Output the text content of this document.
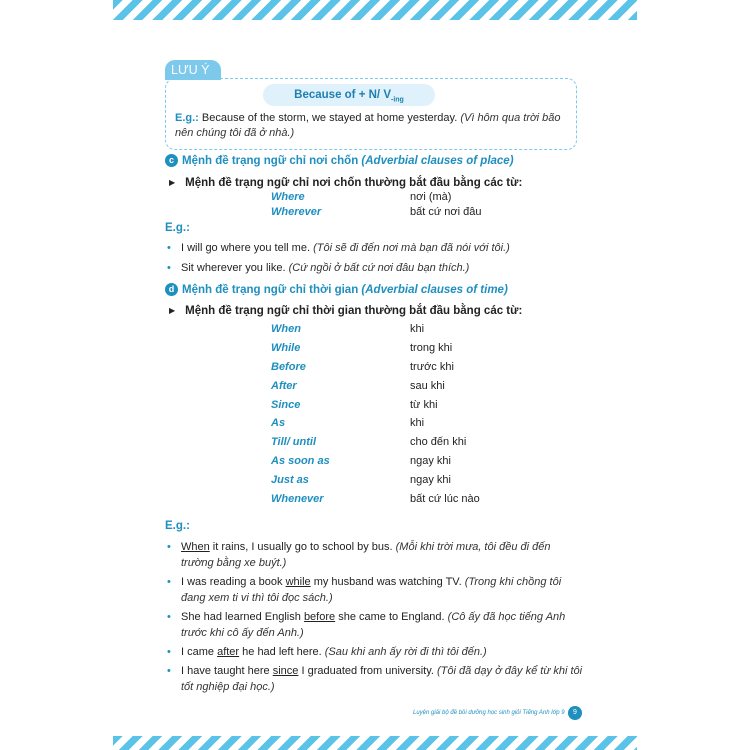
LƯU Ý
Because of + N/ $V_{-ing}$
E.g.: Because of the storm, we stayed at home yesterday. (Vì hôm qua trời bão nên chúng tôi đã ở nhà.)
c Mệnh đề trạng ngữ chỉ nơi chốn (Adverbial clauses of place)
▶ Mệnh đề trạng ngữ chỉ nơi chốn thường bắt đầu bằng các từ:
Where	nơi (mà)
Wherever	bất cứ nơi đâu
E.g.:
• I will go where you tell me. (Tôi sẽ đi đến nơi mà bạn đã nói với tôi.)
• Sit wherever you like. (Cứ ngồi ở bất cứ nơi đâu bạn thích.)
d Mệnh đề trạng ngữ chỉ thời gian (Adverbial clauses of time)
▶ Mệnh đề trạng ngữ chỉ thời gian thường bắt đầu bằng các từ:
When	khi
While	trong khi
Before	trước khi
After	sau khi
Since	từ khi
As	khi
Till/ until	cho đến khi
As soon as	ngay khi
Just as	ngay khi
Whenever	bất cứ lúc nào
E.g.:
• When it rains, I usually go to school by bus. (Mỗi khi trời mưa, tôi đều đi đến trường bằng xe buýt.)
• I was reading a book while my husband was watching TV. (Trong khi chồng tôi đang xem ti vi thì tôi đọc sách.)
• She had learned English before she came to England. (Cô ấy đã học tiếng Anh trước khi cô ấy đến Anh.)
• I came after he had left here. (Sau khi anh ấy rời đi thì tôi đến.)
• I have taught here since I graduated from university. (Tôi đã dạy ở đây kể từ khi tôi tốt nghiệp đại học.)
Luyện giải bộ đề bồi dưỡng học sinh giỏi Tiếng Anh lớp 9	9
